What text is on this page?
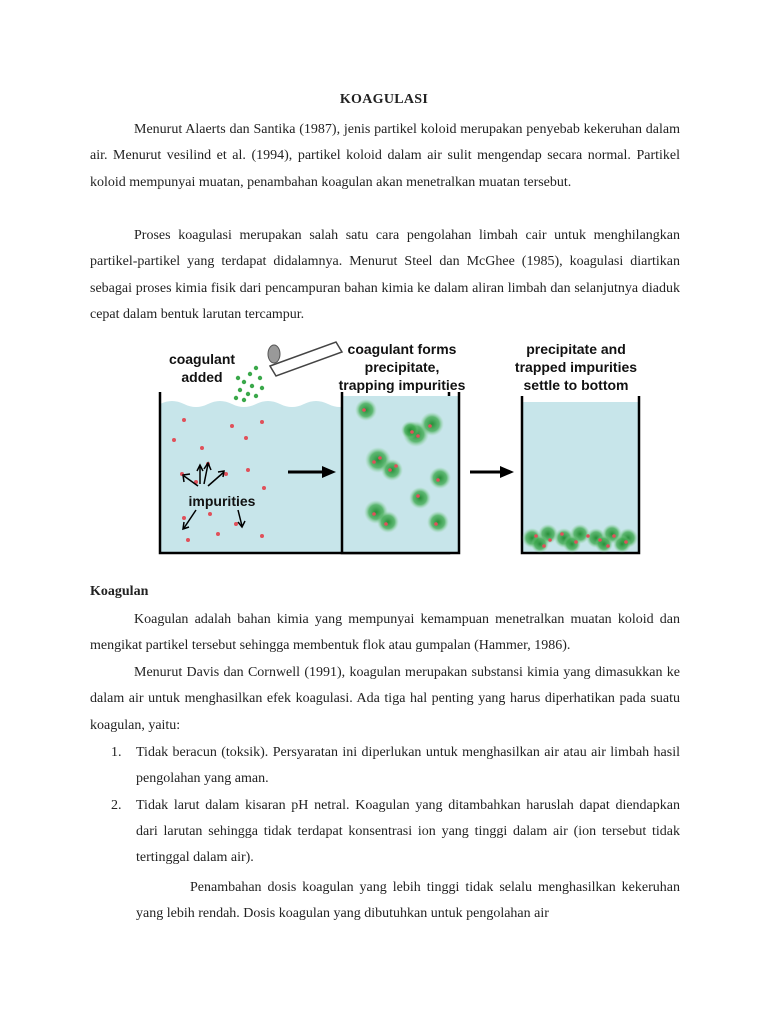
KOAGULASI

Menurut Alaerts dan Santika (1987), jenis partikel koloid merupakan penyebab kekeruhan dalam air. Menurut vesilind et al. (1994), partikel koloid dalam air sulit mengendap secara normal. Partikel koloid mempunyai muatan, penambahan koagulan akan menetralkan muatan tersebut.

Proses koagulasi merupakan salah satu cara pengolahan limbah cair untuk menghilangkan partikel-partikel yang terdapat didalamnya. Menurut Steel dan McGhee (1985), koagulasi diartikan sebagai proses kimia fisik dari pencampuran bahan kimia ke dalam aliran limbah dan selanjutnya diaduk cepat dalam bentuk larutan tercampur.

coagulant
added
impurities
coagulant forms
precipitate,
trapping impurities
precipitate and
trapped impurities
settle to bottom
Koagulan

Koagulan adalah bahan kimia yang mempunyai kemampuan menetralkan muatan koloid dan mengikat partikel tersebut sehingga membentuk flok atau gumpalan (Hammer, 1986).

Menurut Davis dan Cornwell (1991), koagulan merupakan substansi kimia yang dimasukkan ke dalam air untuk menghasilkan efek koagulasi. Ada tiga hal penting yang harus diperhatikan pada suatu koagulan, yaitu:

1. Tidak beracun (toksik). Persyaratan ini diperlukan untuk menghasilkan air atau air limbah hasil pengolahan yang aman.
2. Tidak larut dalam kisaran pH netral. Koagulan yang ditambahkan haruslah dapat diendapkan dari larutan sehingga tidak terdapat konsentrasi ion yang tinggi dalam air (ion tersebut tidak tertinggal dalam air).

Penambahan dosis koagulan yang lebih tinggi tidak selalu menghasilkan kekeruhan yang lebih rendah. Dosis koagulan yang dibutuhkan untuk pengolahan air
